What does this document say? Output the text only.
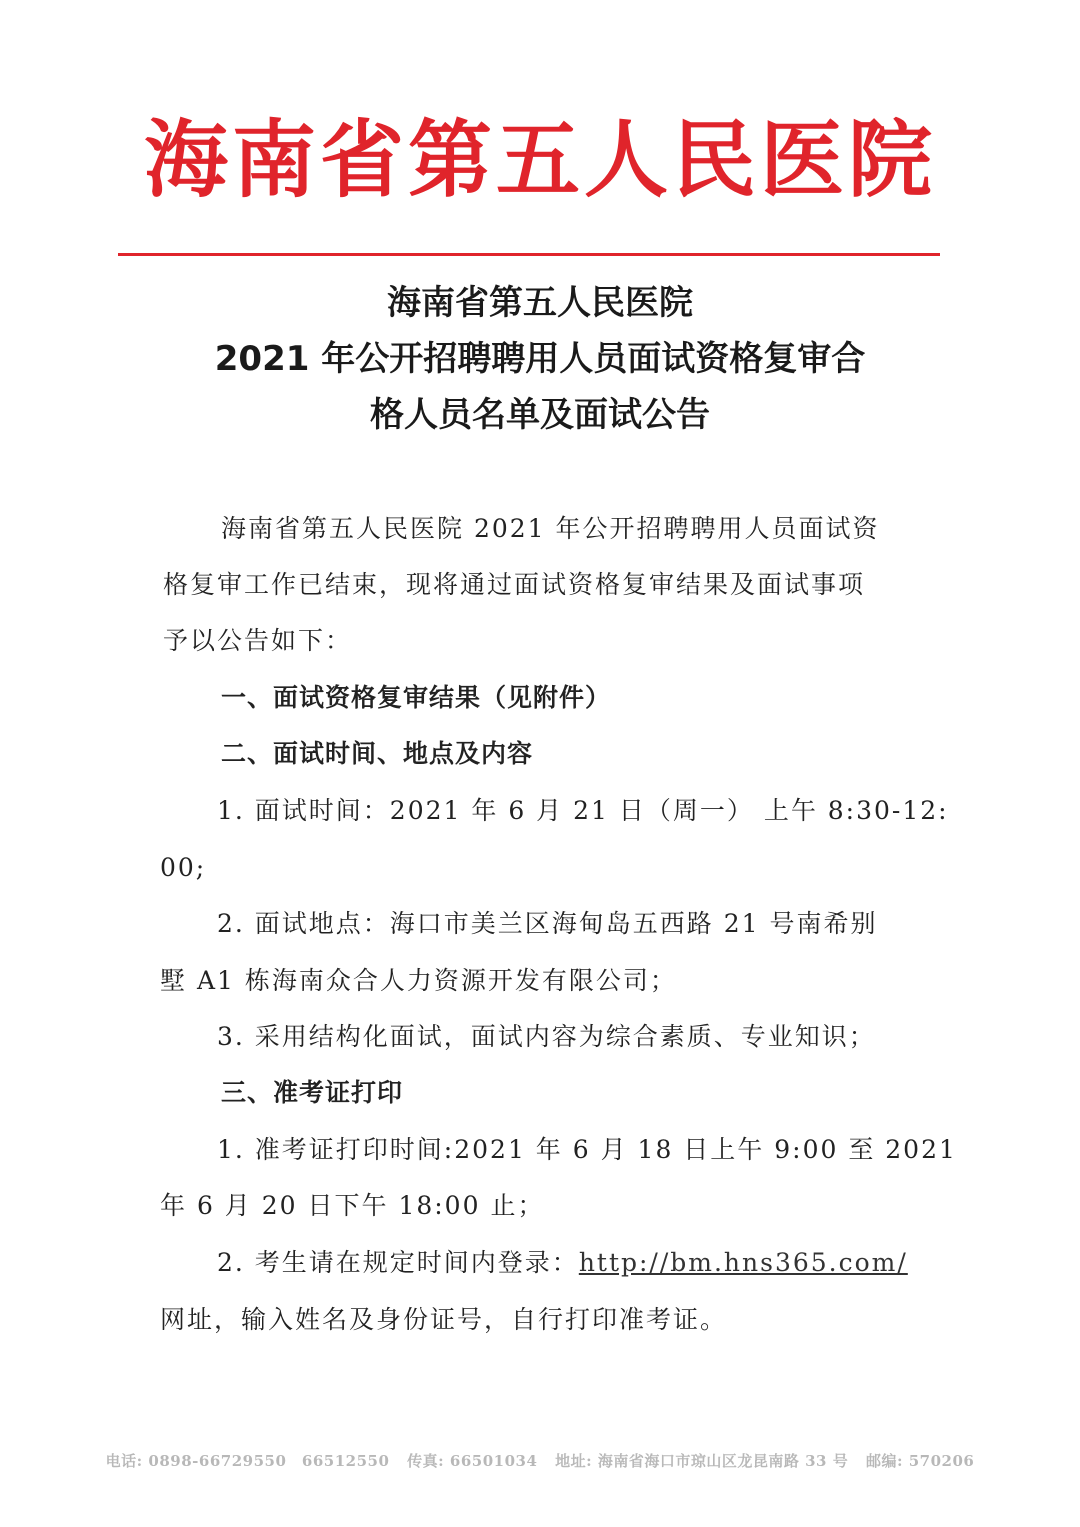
海南省第五人民医院
海南省第五人民医院
2021 年公开招聘聘用人员面试资格复审合
格人员名单及面试公告
海南省第五人民医院 2021 年公开招聘聘用人员面试资
格复审工作已结束，现将通过面试资格复审结果及面试事项
予以公告如下：
一、面试资格复审结果（见附件）
二、面试时间、地点及内容
1. 面试时间：2021 年 6 月 21 日（周一） 上午 8:30-12:
00;
2. 面试地点：海口市美兰区海甸岛五西路 21 号南希别
墅 A1 栋海南众合人力资源开发有限公司；
3. 采用结构化面试，面试内容为综合素质、专业知识；
三、准考证打印
1. 准考证打印时间:2021 年 6 月 18 日上午 9:00 至 2021
年 6 月 20 日下午 18:00 止；
2. 考生请在规定时间内登录：http://bm.hns365.com/
网址，输入姓名及身份证号，自行打印准考证。
电话: 0898-66729550　66512550 传真: 66501034 地址: 海南省海口市琼山区龙昆南路 33 号 邮编: 570206
